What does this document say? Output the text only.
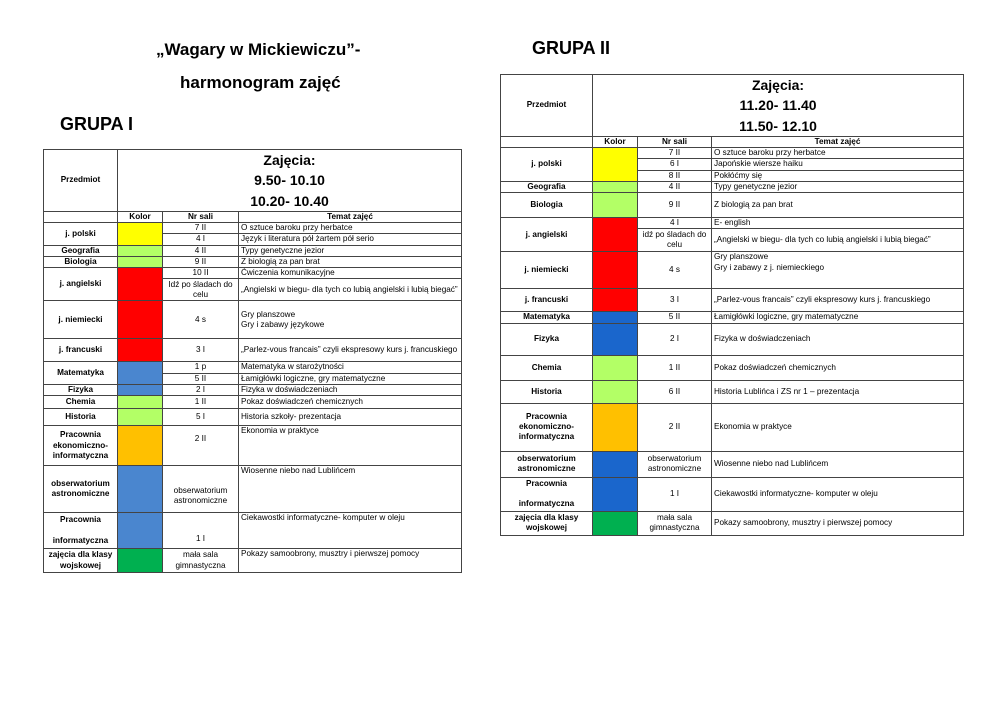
„Wagary w Mickiewiczu”-
harmonogram zajęć
GRUPA I
GRUPA II
Przedmiot	Zajęcia:
9.50- 10.10
10.20- 10.40		

	Kolor	Nr sali	Temat zajęć
j. polski		7 II	O sztuce baroku przy herbatce
		4 I	Język i literatura pół żartem pół serio
Geografia		4 II	Typy genetyczne jezior
Biologia		9 II	Z biologią za pan brat
j. angielski		10 II	Ćwiczenia komunikacyjne
		Idź po śladach do celu	„Angielski w biegu- dla tych co lubią angielski i lubią biegać”
j. niemiecki		4 s	Gry planszowe
Gry i zabawy językowe
j. francuski		3 I	„Parlez-vous francais” czyli ekspresowy kurs j. francuskiego
Matematyka		1 p	Matematyka w starożytności
		5 II	Łamigłówki logiczne, gry matematyczne
Fizyka		2 I	Fizyka w doświadczeniach
Chemia		1 II	Pokaz doświadczeń chemicznych
Historia		5 I	Historia szkoły- prezentacja
Pracownia ekonomiczno-informatyczna		2 II	Ekonomia w praktyce
obserwatorium astronomiczne		obserwatorium astronomiczne	Wiosenne niebo nad Lublińcem
Pracownia

informatyczna		1 I	Ciekawostki informatyczne- komputer w oleju
zajęcia dla klasy wojskowej		mała sala gimnastyczna	Pokazy samoobrony, musztry i pierwszej pomocy
Przedmiot	Zajęcia:
11.20- 11.40
11.50- 12.10		

	Kolor	Nr sali	Temat zajęć
j. polski		7 II	O sztuce baroku przy herbatce
		6 I	Japońskie wiersze haiku
		8 II	Pokłóćmy się
Geografia		4 II	Typy genetyczne jezior
Biologia		9 II	Z biologią za pan brat
j. angielski		4 I	E- english
		idź po śladach do celu	„Angielski w biegu- dla tych co lubią angielski i lubią biegać”
j. niemiecki		4 s	Gry planszowe
Gry i zabawy z j. niemieckiego
j. francuski		3 I	„Parlez-vous francais” czyli ekspresowy kurs j. francuskiego
Matematyka		5 II	Łamigłówki logiczne, gry matematyczne
Fizyka		2 I	Fizyka w doświadczeniach
Chemia		1 II	Pokaz doświadczeń chemicznych
Historia		6 II	Historia Lublińca i ZS nr 1 – prezentacja
Pracownia ekonomiczno-informatyczna		2 II	Ekonomia w praktyce
obserwatorium astronomiczne		obserwatorium astronomiczne	Wiosenne niebo nad Lublińcem
Pracownia

informatyczna		1 I	Ciekawostki informatyczne- komputer w oleju
zajęcia dla klasy wojskowej		mała sala gimnastyczna	Pokazy samoobrony, musztry i pierwszej pomocy
